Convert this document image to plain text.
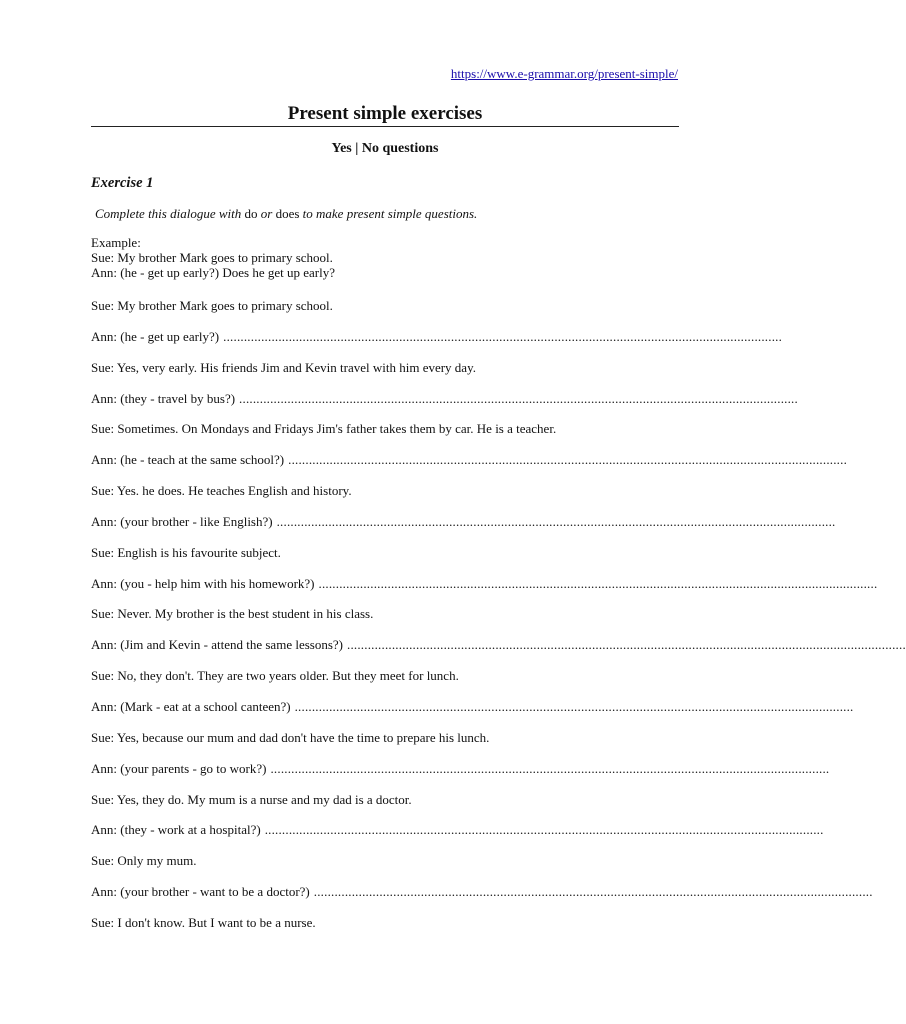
https://www.e-grammar.org/present-simple/
Present simple exercises
Yes | No questions
Exercise 1
Complete this dialogue with do or does to make present simple questions.
Example:
Sue: My brother Mark goes to primary school.
Ann: (he - get up early?) Does he get up early?
Sue: My brother Mark goes to primary school.
Ann: (he - get up early?) ..................................................................................................................................................................
Sue: Yes, very early. His friends Jim and Kevin travel with him every day.
Ann: (they - travel by bus?) ..................................................................................................................................................................
Sue: Sometimes. On Mondays and Fridays Jim's father takes them by car. He is a teacher.
Ann: (he - teach at the same school?) ..................................................................................................................................................................
Sue: Yes. he does. He teaches English and history.
Ann: (your brother - like English?) ..................................................................................................................................................................
Sue: English is his favourite subject.
Ann: (you - help him with his homework?) ..................................................................................................................................................................
Sue: Never. My brother is the best student in his class.
Ann: (Jim and Kevin - attend the same lessons?) ..................................................................................................................................................................
Sue: No, they don't. They are two years older. But they meet for lunch.
Ann: (Mark - eat at a school canteen?) ..................................................................................................................................................................
Sue: Yes, because our mum and dad don't have the time to prepare his lunch.
Ann: (your parents - go to work?) ..................................................................................................................................................................
Sue: Yes, they do. My mum is a nurse and my dad is a doctor.
Ann: (they - work at a hospital?) ..................................................................................................................................................................
Sue: Only my mum.
Ann: (your brother - want to be a doctor?) ..................................................................................................................................................................
Sue: I don't know. But I want to be a nurse.
